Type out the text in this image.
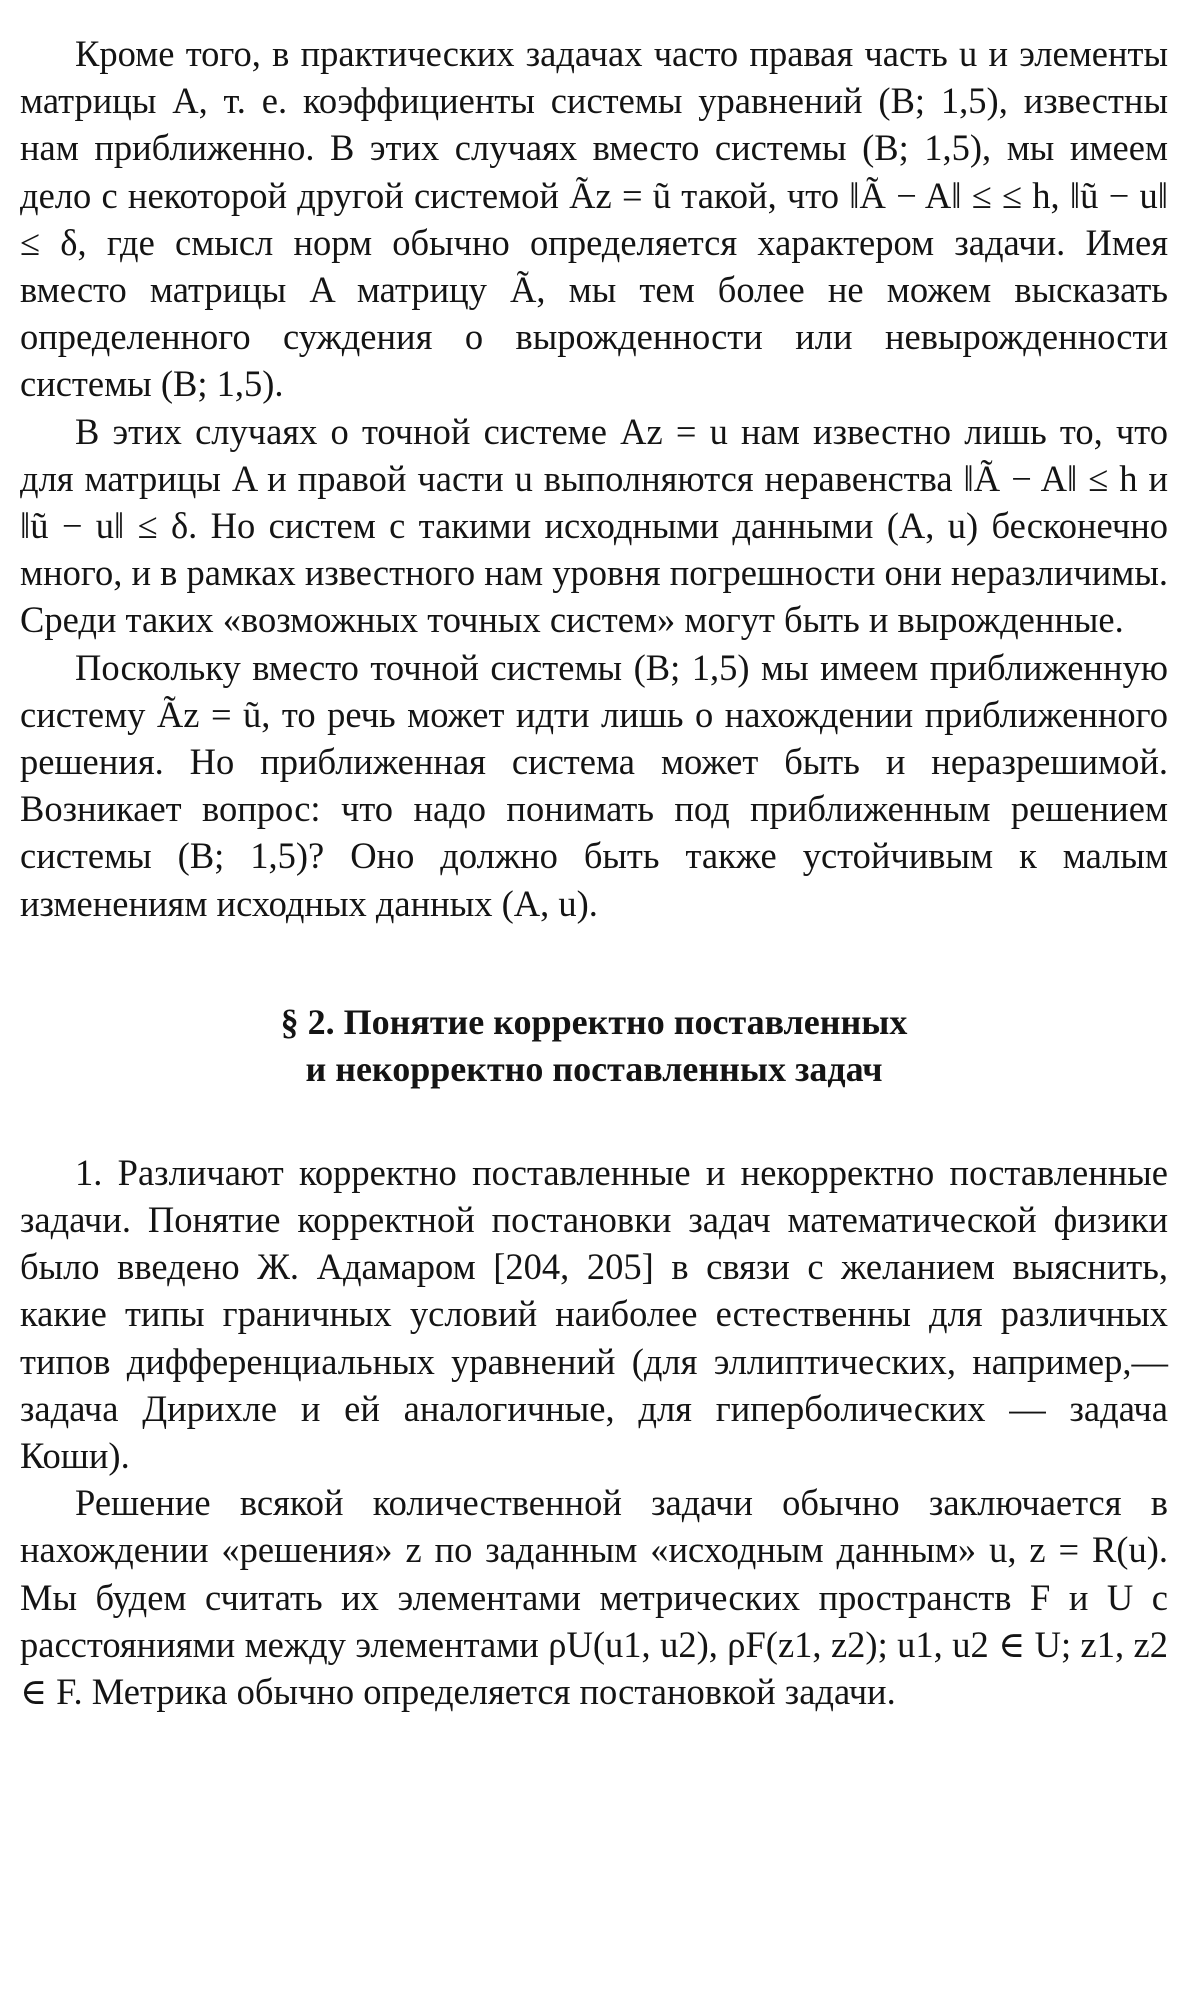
Кроме того, в практических задачах часто правая часть u и элементы матрицы A, т. е. коэффициенты системы уравнений (В; 1,5), известны нам приближенно. В этих случаях вместо системы (В; 1,5), мы имеем дело с некоторой другой системой Ãz = ũ такой, что ‖Ã − A‖ ≤ ≤ h, ‖ũ − u‖ ≤ δ, где смысл норм обычно определяется характером задачи. Имея вместо матрицы A матрицу Ã, мы тем более не можем высказать определенного суждения о вырожденности или невырожденности системы (В; 1,5).

В этих случаях о точной системе Az = u нам известно лишь то, что для матрицы A и правой части u выполняются неравенства ‖Ã − A‖ ≤ h и ‖ũ − u‖ ≤ δ. Но систем с такими исходными данными (A, u) бесконечно много, и в рамках известного нам уровня погрешности они неразличимы. Среди таких «возможных точных систем» могут быть и вырожденные.

Поскольку вместо точной системы (В; 1,5) мы имеем приближенную систему Ãz = ũ, то речь может идти лишь о нахождении приближенного решения. Но приближенная система может быть и неразрешимой. Возникает вопрос: что надо понимать под приближенным решением системы (В; 1,5)? Оно должно быть также устойчивым к малым изменениям исходных данных (A, u).

§ 2. Понятие корректно поставленных
и некорректно поставленных задач

1. Различают корректно поставленные и некорректно поставленные задачи. Понятие корректной постановки задач математической физики было введено Ж. Адамаром [204, 205] в связи с желанием выяснить, какие типы граничных условий наиболее естественны для различных типов дифференциальных уравнений (для эллиптических, например,— задача Дирихле и ей аналогичные, для гиперболических — задача Коши).

Решение всякой количественной задачи обычно заключается в нахождении «решения» z по заданным «исходным данным» u, z = R(u). Мы будем считать их элементами метрических пространств F и U с расстояниями между элементами ρU(u1, u2), ρF(z1, z2); u1, u2 ∈ U; z1, z2 ∈ F. Метрика обычно определяется постановкой задачи.
